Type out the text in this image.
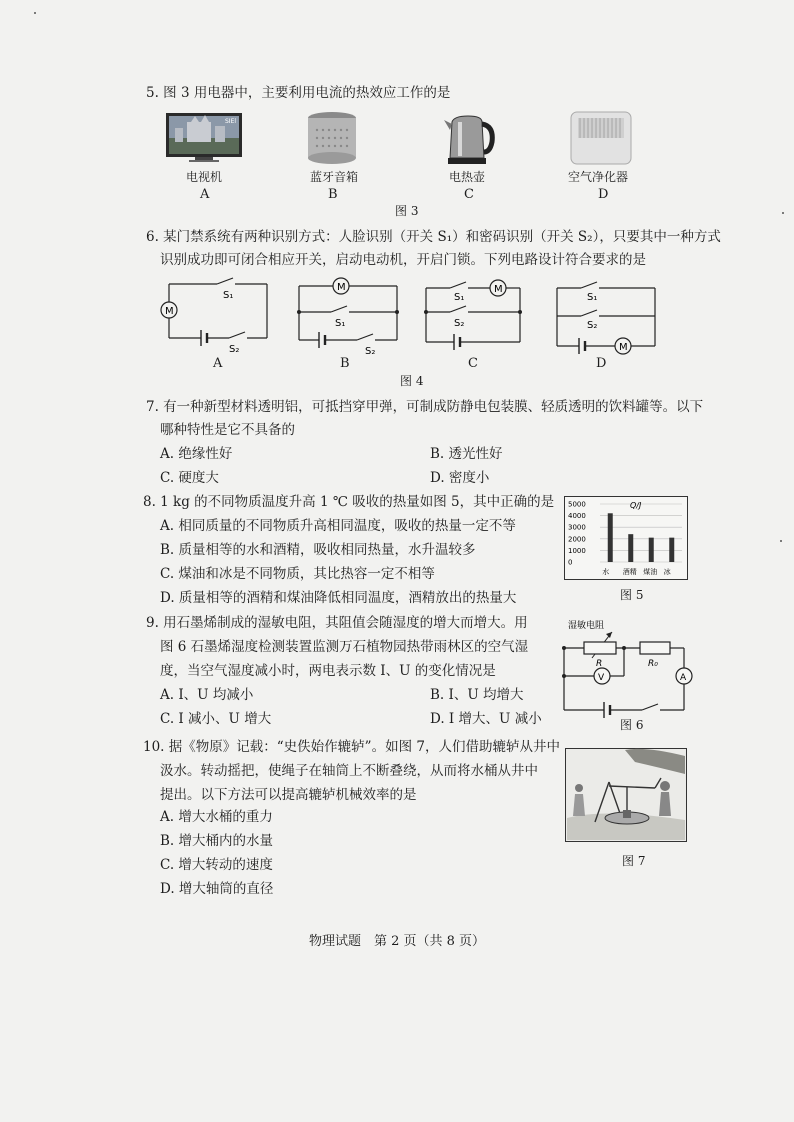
5. 图 3 用电器中，主要利用电流的热效应工作的是
SIEl
电视机	蓝牙音箱	电热壶	空气净化器
A	B	C	D
图 3
6. 某门禁系统有两种识别方式：人脸识别（开关 S₁）和密码识别（开关 S₂），只要其中一种方式
识别成功即可闭合相应开关，启动电动机，开启门锁。下列电路设计符合要求的是
M
S₁
S₂
A
M
S₁
S₂
B
M
S₁
S₂
C
M
S₁
S₂
D
图 4
7. 有一种新型材料透明铝，可抵挡穿甲弹，可制成防静电包装膜、轻质透明的饮料罐等。以下
哪种特性是它不具备的
A. 绝缘性好	B. 透光性好
C. 硬度大	D. 密度小
8. 1 kg 的不同物质温度升高 1 ℃ 吸收的热量如图 5，其中正确的是
A. 相同质量的不同物质升高相同温度，吸收的热量一定不等
B. 质量相等的水和酒精，吸收相同热量，水升温较多
C. 煤油和冰是不同物质，其比热容一定不相等
D. 质量相等的酒精和煤油降低相同温度，酒精放出的热量大
5000
4000
3000
2000
1000
0
水 酒精 煤油 冰
Q/J
图 5
9. 用石墨烯制成的湿敏电阻，其阻值会随湿度的增大而增大。用
图 6 石墨烯湿度检测装置监测万石植物园热带雨林区的空气湿
度，当空气湿度减小时，两电表示数 I、U 的变化情况是
A. I、U 均减小	B. I、U 均增大
C. I 减小、U 增大	D. I 增大、U 减小
湿敏电阻
V	A
R	R₀
图 6
10. 据《物原》记载：“史佚始作辘轳”。如图 7，人们借助辘轳从井中
汲水。转动摇把，使绳子在轴筒上不断叠绕，从而将水桶从井中
提出。以下方法可以提高辘轳机械效率的是
A. 增大水桶的重力
B. 增大桶内的水量
C. 增大转动的速度
D. 增大轴筒的直径
图 7
物理试题　第 2 页（共 8 页）
